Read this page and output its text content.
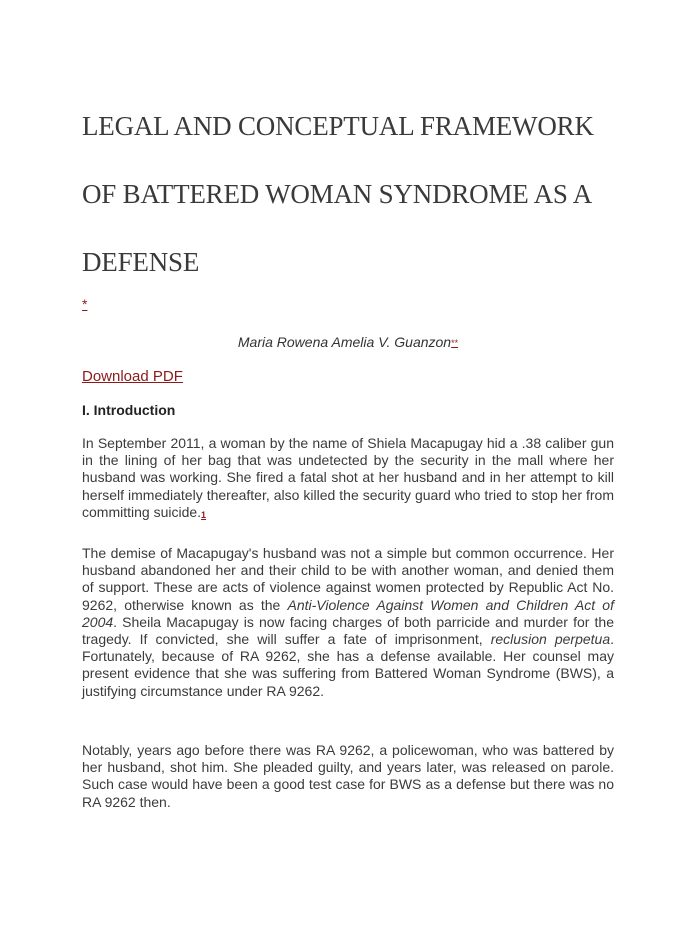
LEGAL AND CONCEPTUAL FRAMEWORK
OF BATTERED WOMAN SYNDROME AS A
DEFENSE
*
Maria Rowena Amelia V. Guanzon**
Download PDF
I. Introduction

In September 2011, a woman by the name of Shiela Macapugay hid a .38 caliber gun in the lining of her bag that was undetected by the security in the mall where her husband was working. She fired a fatal shot at her husband and in her attempt to kill herself immediately thereafter, also killed the security guard who tried to stop her from committing suicide.1

The demise of Macapugay's husband was not a simple but common occurrence. Her husband abandoned her and their child to be with another woman, and denied them of support. These are acts of violence against women protected by Republic Act No. 9262, otherwise known as the Anti-Violence Against Women and Children Act of 2004. Sheila Macapugay is now facing charges of both parricide and murder for the tragedy. If convicted, she will suffer a fate of imprisonment, reclusion perpetua. Fortunately, because of RA 9262, she has a defense available. Her counsel may present evidence that she was suffering from Battered Woman Syndrome (BWS), a justifying circumstance under RA 9262.

Notably, years ago before there was RA 9262, a policewoman, who was battered by her husband, shot him. She pleaded guilty, and years later, was released on parole. Such case would have been a good test case for BWS as a defense but there was no RA 9262 then.
